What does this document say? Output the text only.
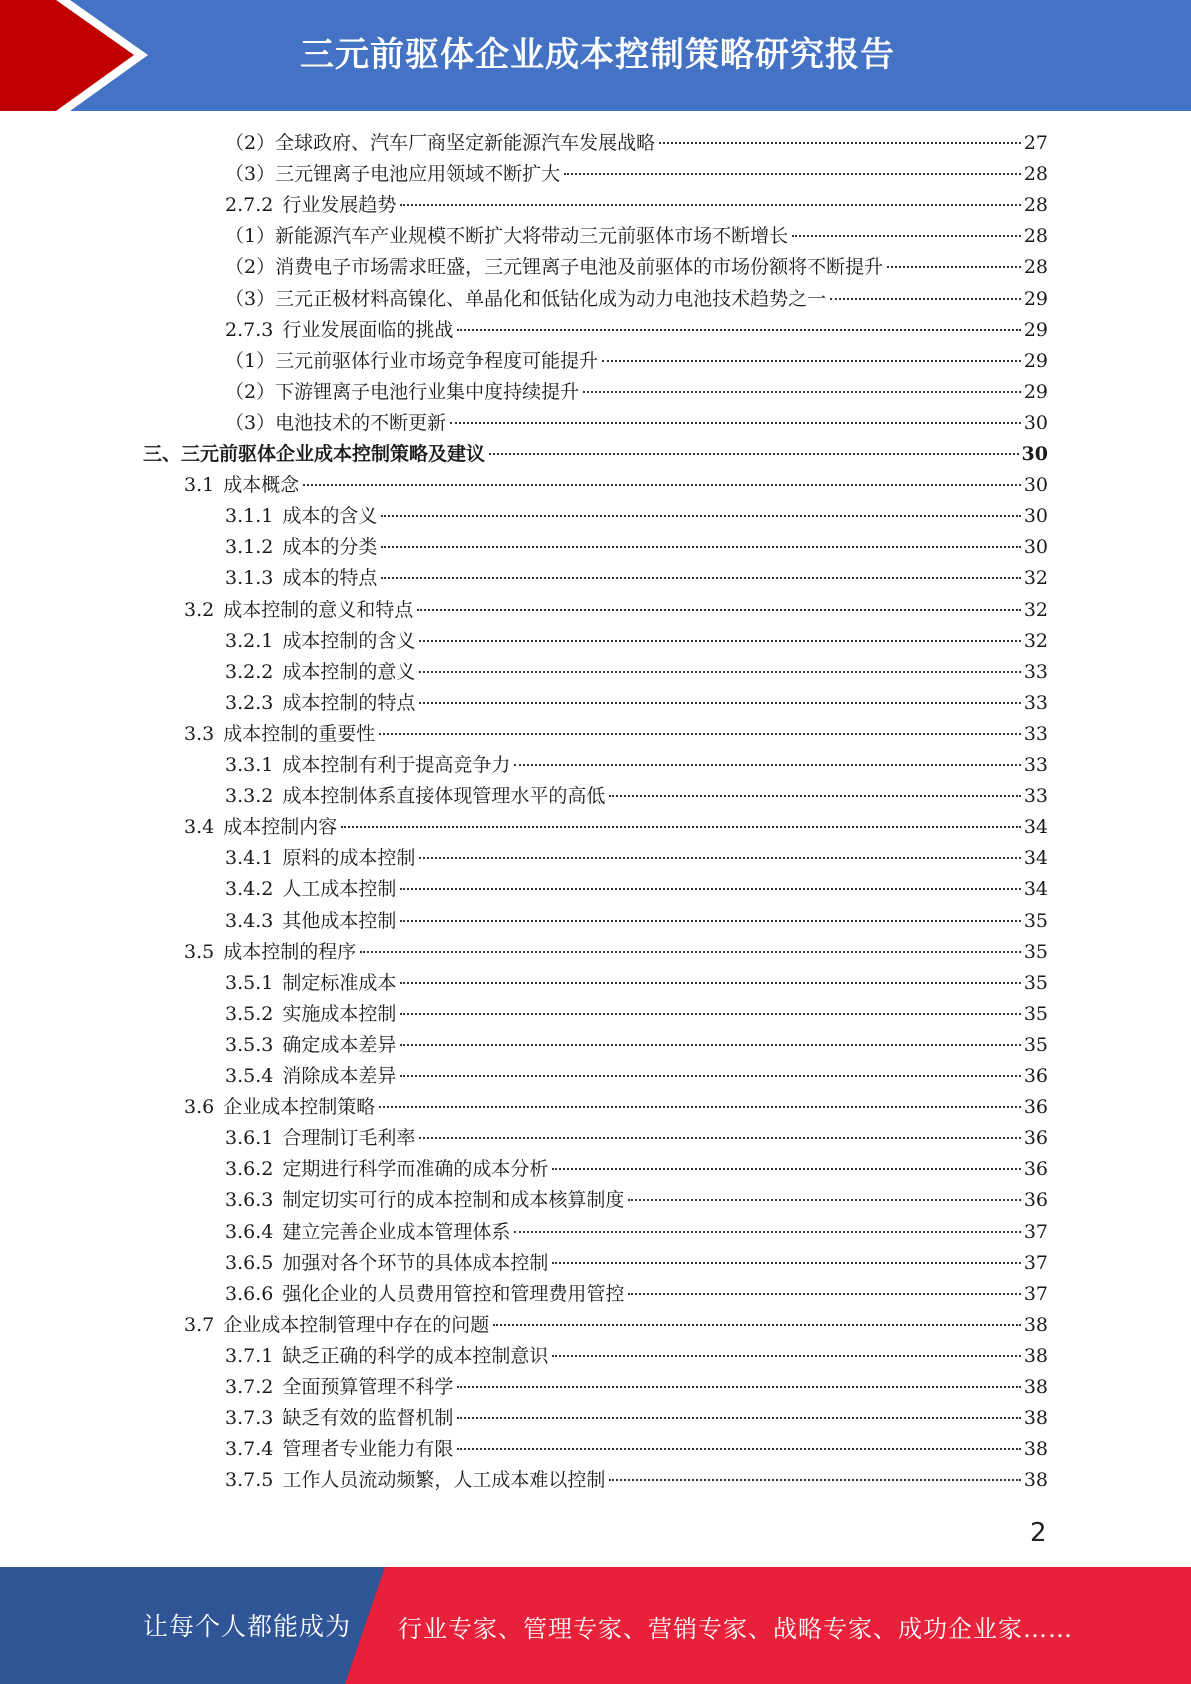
三元前驱体企业成本控制策略研究报告
（2）全球政府、汽车厂商坚定新能源汽车发展战略	27
（3）三元锂离子电池应用领域不断扩大	28
2.7.2 行业发展趋势	28
（1）新能源汽车产业规模不断扩大将带动三元前驱体市场不断增长	28
（2）消费电子市场需求旺盛，三元锂离子电池及前驱体的市场份额将不断提升	28
（3）三元正极材料高镍化、单晶化和低钴化成为动力电池技术趋势之一	29
2.7.3 行业发展面临的挑战	29
（1）三元前驱体行业市场竞争程度可能提升	29
（2）下游锂离子电池行业集中度持续提升	29
（3）电池技术的不断更新	30
三、三元前驱体企业成本控制策略及建议	30
3.1 成本概念	30
3.1.1 成本的含义	30
3.1.2 成本的分类	30
3.1.3 成本的特点	32
3.2 成本控制的意义和特点	32
3.2.1 成本控制的含义	32
3.2.2 成本控制的意义	33
3.2.3 成本控制的特点	33
3.3 成本控制的重要性	33
3.3.1 成本控制有利于提高竞争力	33
3.3.2 成本控制体系直接体现管理水平的高低	33
3.4 成本控制内容	34
3.4.1 原料的成本控制	34
3.4.2 人工成本控制	34
3.4.3 其他成本控制	35
3.5 成本控制的程序	35
3.5.1 制定标准成本	35
3.5.2 实施成本控制	35
3.5.3 确定成本差异	35
3.5.4 消除成本差异	36
3.6 企业成本控制策略	36
3.6.1 合理制订毛利率	36
3.6.2 定期进行科学而准确的成本分析	36
3.6.3 制定切实可行的成本控制和成本核算制度	36
3.6.4 建立完善企业成本管理体系	37
3.6.5 加强对各个环节的具体成本控制	37
3.6.6 强化企业的人员费用管控和管理费用管控	37
3.7 企业成本控制管理中存在的问题	38
3.7.1 缺乏正确的科学的成本控制意识	38
3.7.2 全面预算管理不科学	38
3.7.3 缺乏有效的监督机制	38
3.7.4 管理者专业能力有限	38
3.7.5 工作人员流动频繁，人工成本难以控制	38
2
让每个人都能成为 行业专家、管理专家、营销专家、战略专家、成功企业家……
